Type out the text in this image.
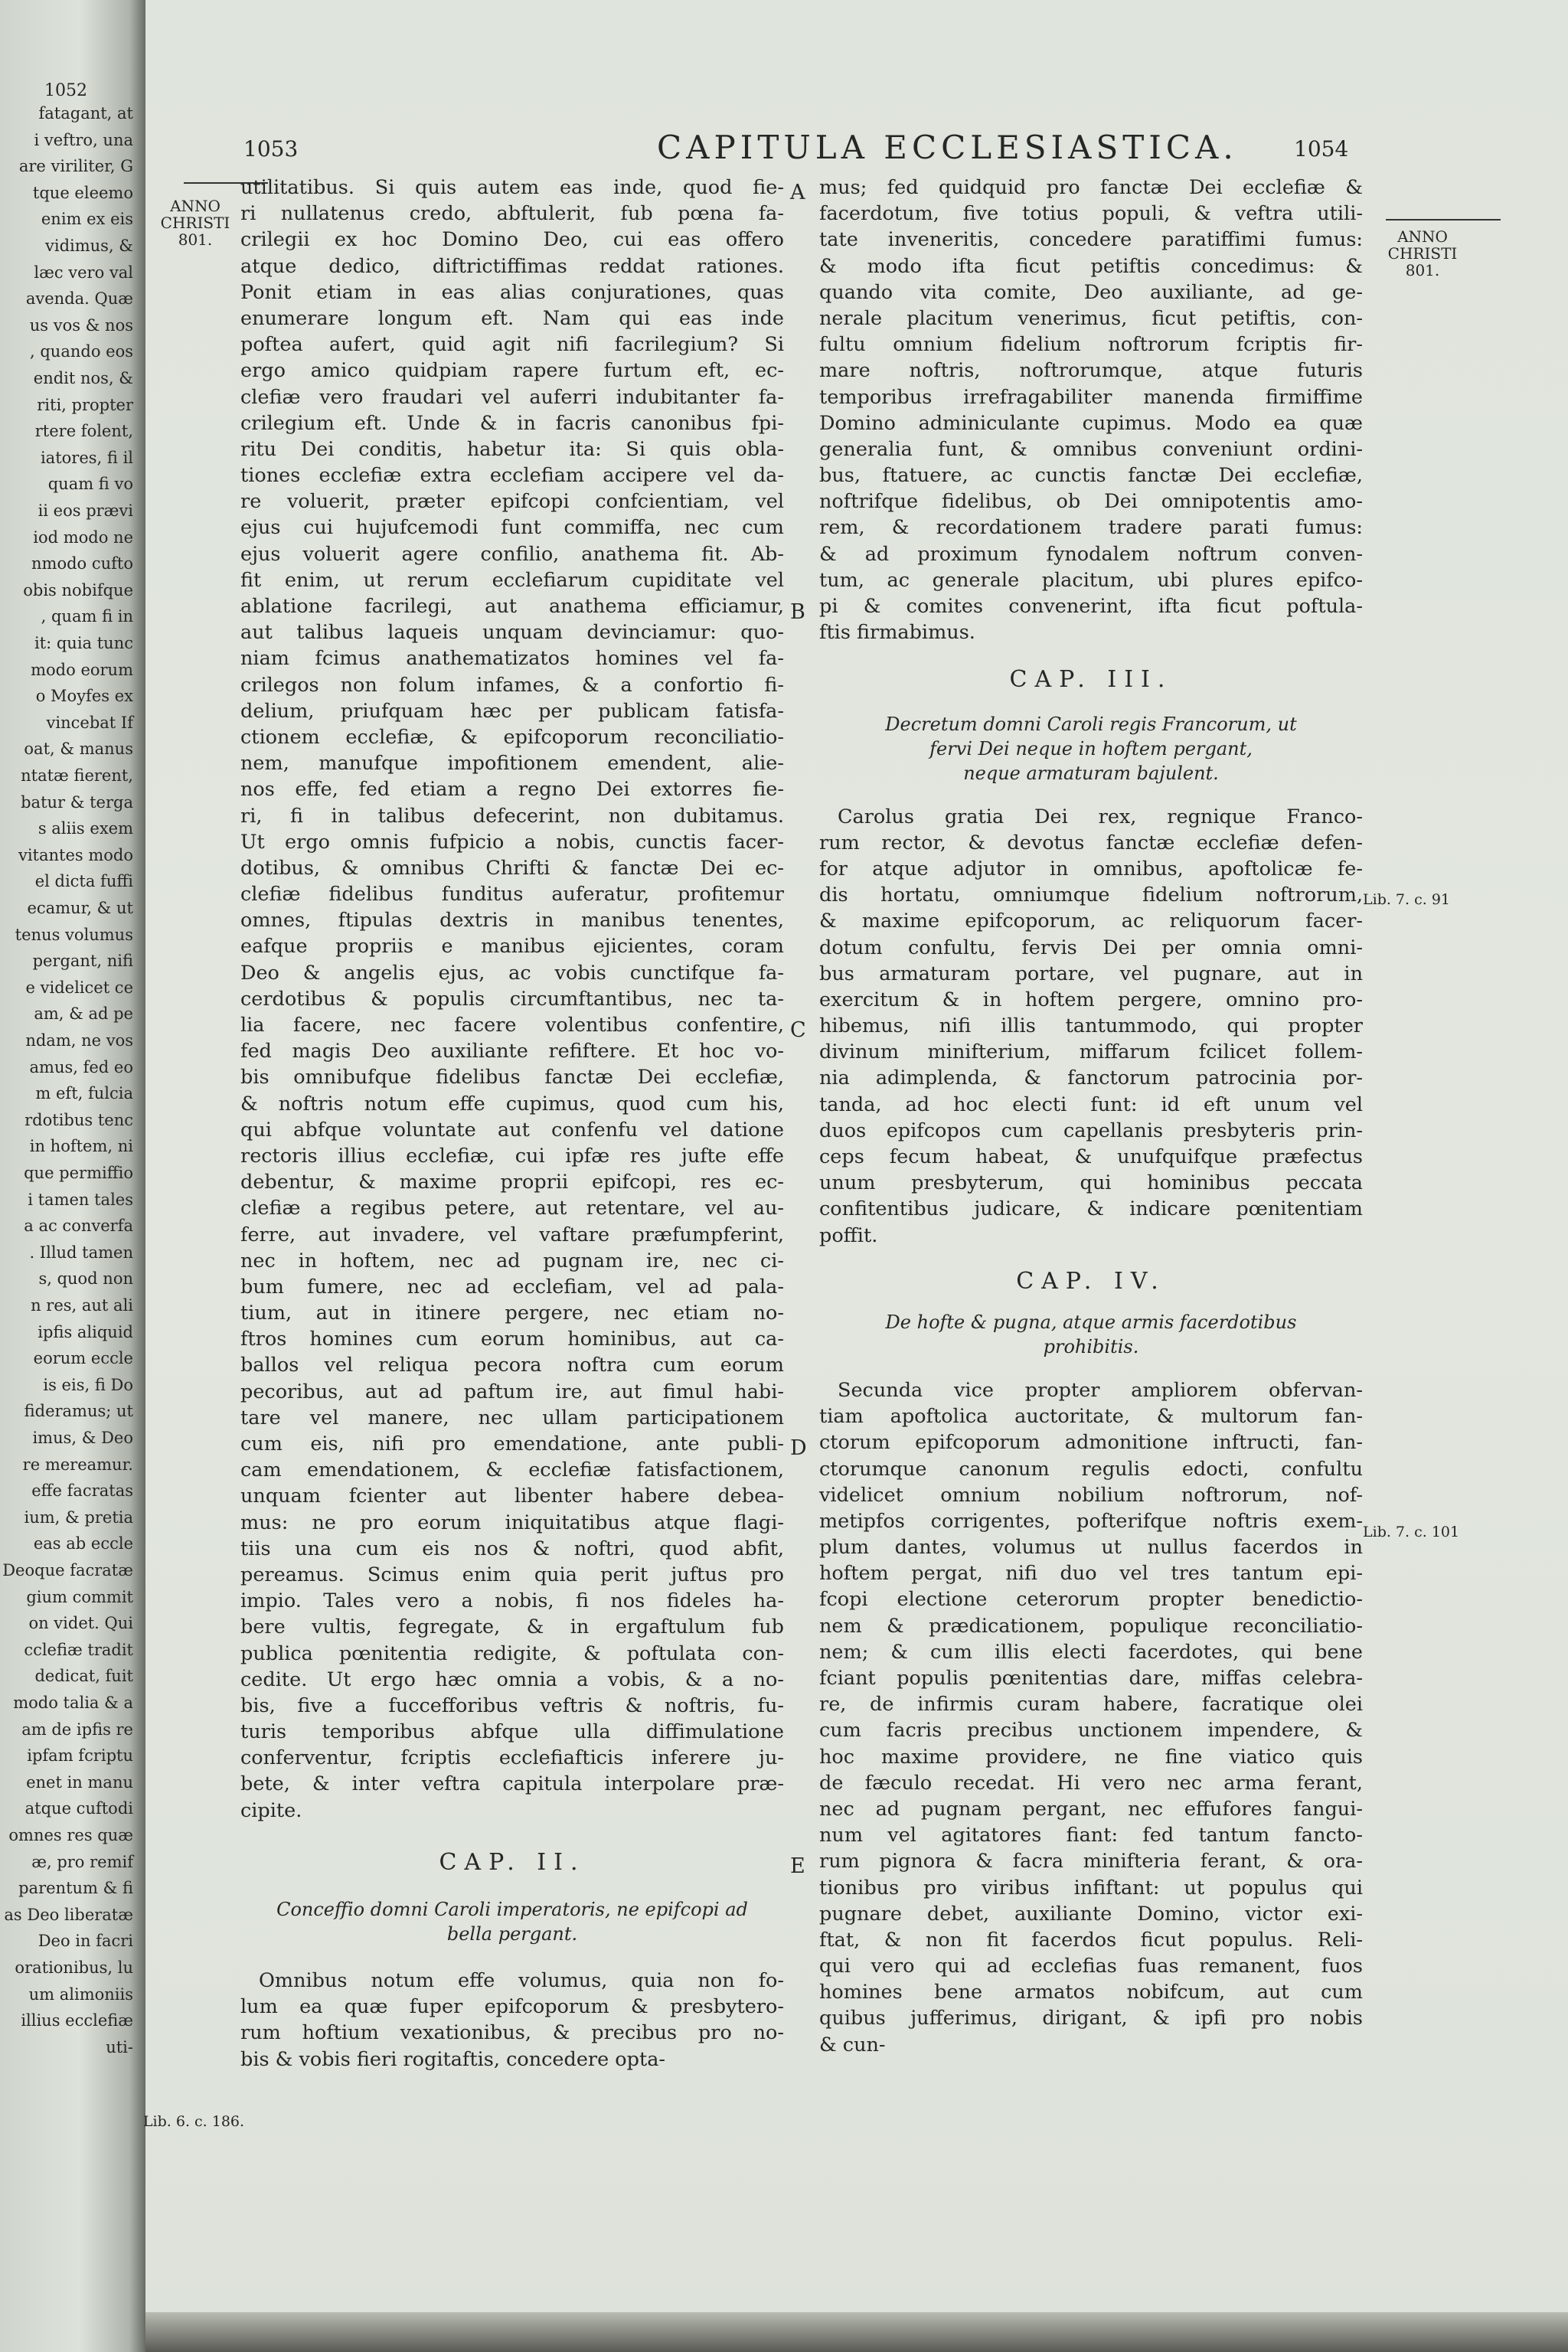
1052
fatagant, at
i veftro, una
are viriliter, G
tque eleemo
enim ex eis
vidimus, &
læc vero val
avenda. Quæ
us vos & nos
, quando eos
endit nos, &
riti, propter
rtere folent,
iatores, fi il
quam fi vo
ii eos prævi
iod modo ne
nmodo cufto
obis nobifque
, quam fi in
it: quia tunc
modo eorum
o Moyfes ex
vincebat If
oat, & manus
ntatæ fierent,
batur & terga
s aliis exem
vitantes modo
el dicta fuffi
ecamur, & ut
tenus volumus
pergant, nifi
e videlicet ce
am, & ad pe
ndam, ne vos
amus, fed eo
m eft, fulcia
rdotibus tenc
in hoftem, ni
que permiffio
i tamen tales
a ac converfa
. Illud tamen
s, quod non
n res, aut ali
ipfis aliquid
eorum eccle
is eis, fi Do
fideramus; ut
imus, & Deo
re mereamur.
effe facratas
ium, & pretia
eas ab eccle
Deoque facratæ
gium commit
on videt. Qui
cclefiæ tradit
dedicat, fuit
modo talia & a
am de ipfis re
ipfam fcriptu
enet in manu
atque cuftodi
omnes res quæ
æ, pro remif
parentum & fi
as Deo liberatæ
Deo in facri
orationibus, lu
um alimoniis
illius ecclefiæ
uti-
1053	CAPITULA ECCLESIASTICA.	1054
ANNO
CHRISTI
801.	ANNO
CHRISTI
801.
A
B
C
D
E
Lib. 6. c. 186.
Lib. 7. c. 91
Lib. 7. c. 101
utilitatibus. Si quis autem eas inde, quod fie-
ri nullatenus credo, abftulerit, fub pœna fa-
crilegii ex hoc Domino Deo, cui eas offero
atque dedico, diftrictiffimas reddat rationes.
Ponit etiam in eas alias conjurationes, quas
enumerare longum eft. Nam qui eas inde
poftea aufert, quid agit nifi facrilegium? Si
ergo amico quidpiam rapere furtum eft, ec-
clefiæ vero fraudari vel auferri indubitanter fa-
crilegium eft. Unde & in facris canonibus fpi-
ritu Dei conditis, habetur ita: Si quis obla-
tiones ecclefiæ extra ecclefiam accipere vel da-
re voluerit, præter epifcopi confcientiam, vel
ejus cui hujufcemodi funt commiffa, nec cum
ejus voluerit agere confilio, anathema fit. Ab-
fit enim, ut rerum ecclefiarum cupiditate vel
ablatione facrilegi, aut anathema efficiamur,
aut talibus laqueis unquam devinciamur: quo-
niam fcimus anathematizatos homines vel fa-
crilegos non folum infames, & a confortio fi-
delium, priufquam hæc per publicam fatisfa-
ctionem ecclefiæ, & epifcoporum reconciliatio-
nem, manufque impofitionem emendent, alie-
nos effe, fed etiam a regno Dei extorres fie-
ri, fi in talibus defecerint, non dubitamus.
Ut ergo omnis fufpicio a nobis, cunctis facer-
dotibus, & omnibus Chrifti & fanctæ Dei ec-
clefiæ fidelibus funditus auferatur, profitemur
omnes, ftipulas dextris in manibus tenentes,
eafque propriis e manibus ejicientes, coram
Deo & angelis ejus, ac vobis cunctifque fa-
cerdotibus & populis circumftantibus, nec ta-
lia facere, nec facere volentibus confentire,
fed magis Deo auxiliante refiftere. Et hoc vo-
bis omnibufque fidelibus fanctæ Dei ecclefiæ,
& noftris notum effe cupimus, quod cum his,
qui abfque voluntate aut confenfu vel datione
rectoris illius ecclefiæ, cui ipfæ res jufte effe
debentur, & maxime proprii epifcopi, res ec-
clefiæ a regibus petere, aut retentare, vel au-
ferre, aut invadere, vel vaftare præfumpferint,
nec in hoftem, nec ad pugnam ire, nec ci-
bum fumere, nec ad ecclefiam, vel ad pala-
tium, aut in itinere pergere, nec etiam no-
ftros homines cum eorum hominibus, aut ca-
ballos vel reliqua pecora noftra cum eorum
pecoribus, aut ad paftum ire, aut fimul habi-
tare vel manere, nec ullam participationem
cum eis, nifi pro emendatione, ante publi-
cam emendationem, & ecclefiæ fatisfactionem,
unquam fcienter aut libenter habere debea-
mus: ne pro eorum iniquitatibus atque flagi-
tiis una cum eis nos & noftri, quod abfit,
pereamus. Scimus enim quia perit juftus pro
impio. Tales vero a nobis, fi nos fideles ha-
bere vultis, fegregate, & in ergaftulum fub
publica pœnitentia redigite, & poftulata con-
cedite. Ut ergo hæc omnia a vobis, & a no-
bis, five a fuccefforibus veftris & noftris, fu-
turis temporibus abfque ulla diffimulatione
conferventur, fcriptis ecclefiafticis inferere ju-
bete, & inter veftra capitula interpolare præ-
cipite.
CAP. II.
Conceffio domni Caroli imperatoris, ne epifcopi ad
bella pergant.
Omnibus notum effe volumus, quia non fo-
lum ea quæ fuper epifcoporum & presbytero-
rum hoftium vexationibus, & precibus pro no-
bis & vobis fieri rogitaftis, concedere opta-
mus; fed quidquid pro fanctæ Dei ecclefiæ &
facerdotum, five totius populi, & veftra utili-
tate inveneritis, concedere paratiffimi fumus:
& modo ifta ficut petiftis concedimus: &
quando vita comite, Deo auxiliante, ad ge-
nerale placitum venerimus, ficut petiftis, con-
fultu omnium fidelium noftrorum fcriptis fir-
mare noftris, noftrorumque, atque futuris
temporibus irrefragabiliter manenda firmiffime
Domino adminiculante cupimus. Modo ea quæ
generalia funt, & omnibus conveniunt ordini-
bus, ftatuere, ac cunctis fanctæ Dei ecclefiæ,
noftrifque fidelibus, ob Dei omnipotentis amo-
rem, & recordationem tradere parati fumus:
& ad proximum fynodalem noftrum conven-
tum, ac generale placitum, ubi plures epifco-
pi & comites convenerint, ifta ficut poftula-
ftis firmabimus.
CAP. III.
Decretum domni Caroli regis Francorum, ut
fervi Dei neque in hoftem pergant,
neque armaturam bajulent.
Carolus gratia Dei rex, regnique Franco-
rum rector, & devotus fanctæ ecclefiæ defen-
for atque adjutor in omnibus, apoftolicæ fe-
dis hortatu, omniumque fidelium noftrorum,
& maxime epifcoporum, ac reliquorum facer-
dotum confultu, fervis Dei per omnia omni-
bus armaturam portare, vel pugnare, aut in
exercitum & in hoftem pergere, omnino pro-
hibemus, nifi illis tantummodo, qui propter
divinum minifterium, miffarum fcilicet follem-
nia adimplenda, & fanctorum patrocinia por-
tanda, ad hoc electi funt: id eft unum vel
duos epifcopos cum capellanis presbyteris prin-
ceps fecum habeat, & unufquifque præfectus
unum presbyterum, qui hominibus peccata
confitentibus judicare, & indicare pœnitentiam
poffit.
CAP. IV.
De hofte & pugna, atque armis facerdotibus
prohibitis.
Secunda vice propter ampliorem obfervan-
tiam apoftolica auctoritate, & multorum fan-
ctorum epifcoporum admonitione inftructi, fan-
ctorumque canonum regulis edocti, confultu
videlicet omnium nobilium noftrorum, nof-
metipfos corrigentes, pofterifque noftris exem-
plum dantes, volumus ut nullus facerdos in
hoftem pergat, nifi duo vel tres tantum epi-
fcopi electione ceterorum propter benedictio-
nem & prædicationem, populique reconciliatio-
nem; & cum illis electi facerdotes, qui bene
fciant populis pœnitentias dare, miffas celebra-
re, de infirmis curam habere, facratique olei
cum facris precibus unctionem impendere, &
hoc maxime providere, ne fine viatico quis
de fæculo recedat. Hi vero nec arma ferant,
nec ad pugnam pergant, nec effufores fangui-
num vel agitatores fiant: fed tantum fancto-
rum pignora & facra minifteria ferant, & ora-
tionibus pro viribus infiftant: ut populus qui
pugnare debet, auxiliante Domino, victor exi-
ftat, & non fit facerdos ficut populus. Reli-
qui vero qui ad ecclefias fuas remanent, fuos
homines bene armatos nobifcum, aut cum
quibus jufferimus, dirigant, & ipfi pro nobis
& cun-
